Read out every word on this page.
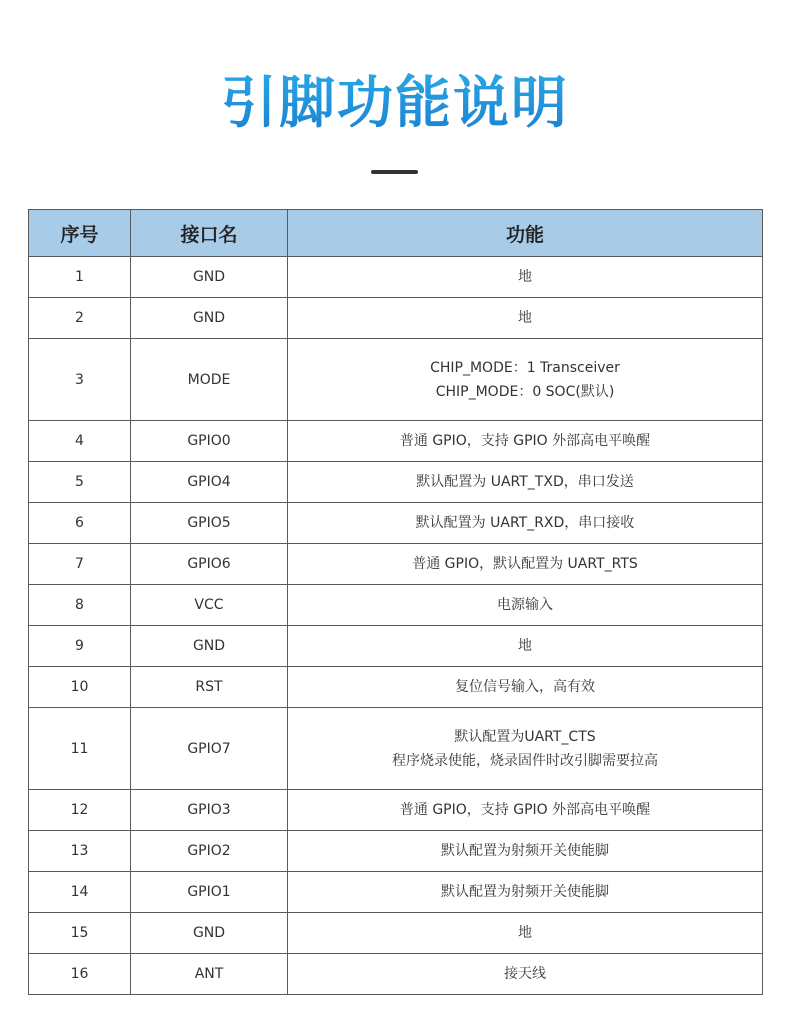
引脚功能说明
序号	接口名	功能
1	GND	地

2	GND	地

3	MODE	CHIP_MODE：1 Transceiver
CHIP_MODE：0 SOC(默认)

4	GPIO0	普通 GPIO，支持 GPIO 外部高电平唤醒

5	GPIO4	默认配置为 UART_TXD，串口发送

6	GPIO5	默认配置为 UART_RXD，串口接收

7	GPIO6	普通 GPIO，默认配置为 UART_RTS

8	VCC	电源输入

9	GND	地

10	RST	复位信号输入，高有效

11	GPIO7	默认配置为UART_CTS
程序烧录使能，烧录固件时改引脚需要拉高

12	GPIO3	普通 GPIO，支持 GPIO 外部高电平唤醒

13	GPIO2	默认配置为射频开关使能脚

14	GPIO1	默认配置为射频开关使能脚

15	GND	地

16	ANT	接天线
